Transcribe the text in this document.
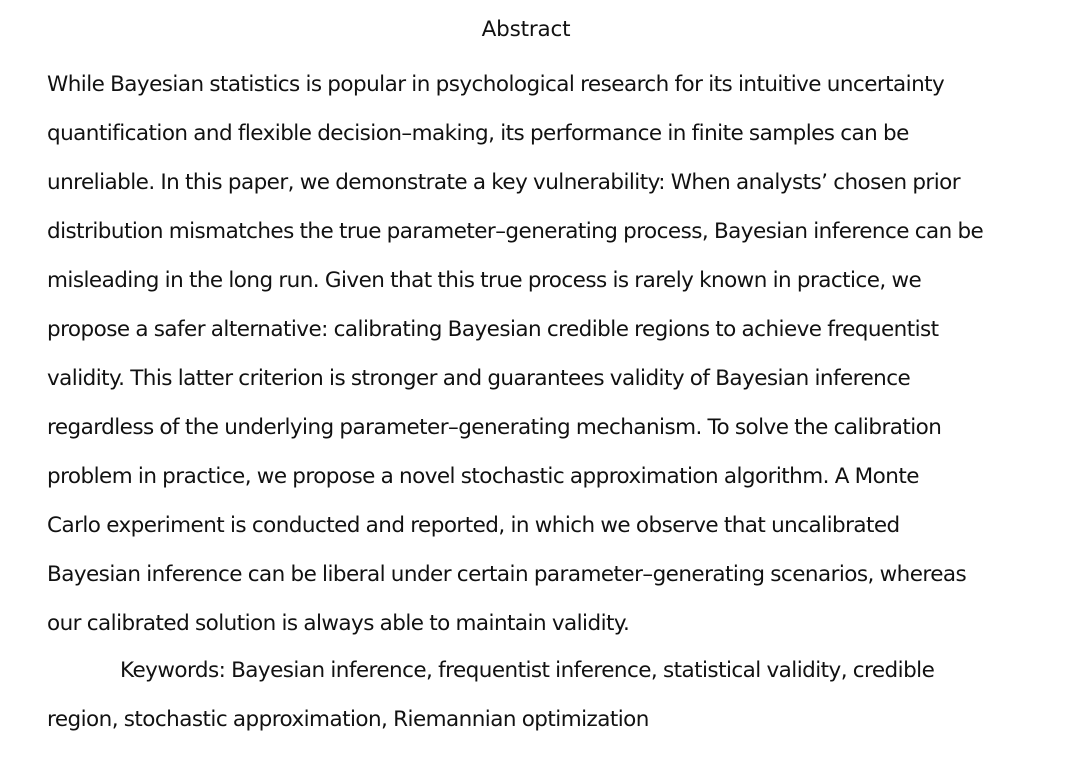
Abstract
While Bayesian statistics is popular in psychological research for its intuitive uncertainty
quantification and flexible decision–making, its performance in finite samples can be
unreliable. In this paper, we demonstrate a key vulnerability: When analysts’ chosen prior
distribution mismatches the true parameter–generating process, Bayesian inference can be
misleading in the long run. Given that this true process is rarely known in practice, we
propose a safer alternative: calibrating Bayesian credible regions to achieve frequentist
validity. This latter criterion is stronger and guarantees validity of Bayesian inference
regardless of the underlying parameter–generating mechanism. To solve the calibration
problem in practice, we propose a novel stochastic approximation algorithm. A Monte
Carlo experiment is conducted and reported, in which we observe that uncalibrated
Bayesian inference can be liberal under certain parameter–generating scenarios, whereas
our calibrated solution is always able to maintain validity.
Keywords: Bayesian inference, frequentist inference, statistical validity, credible
region, stochastic approximation, Riemannian optimization
